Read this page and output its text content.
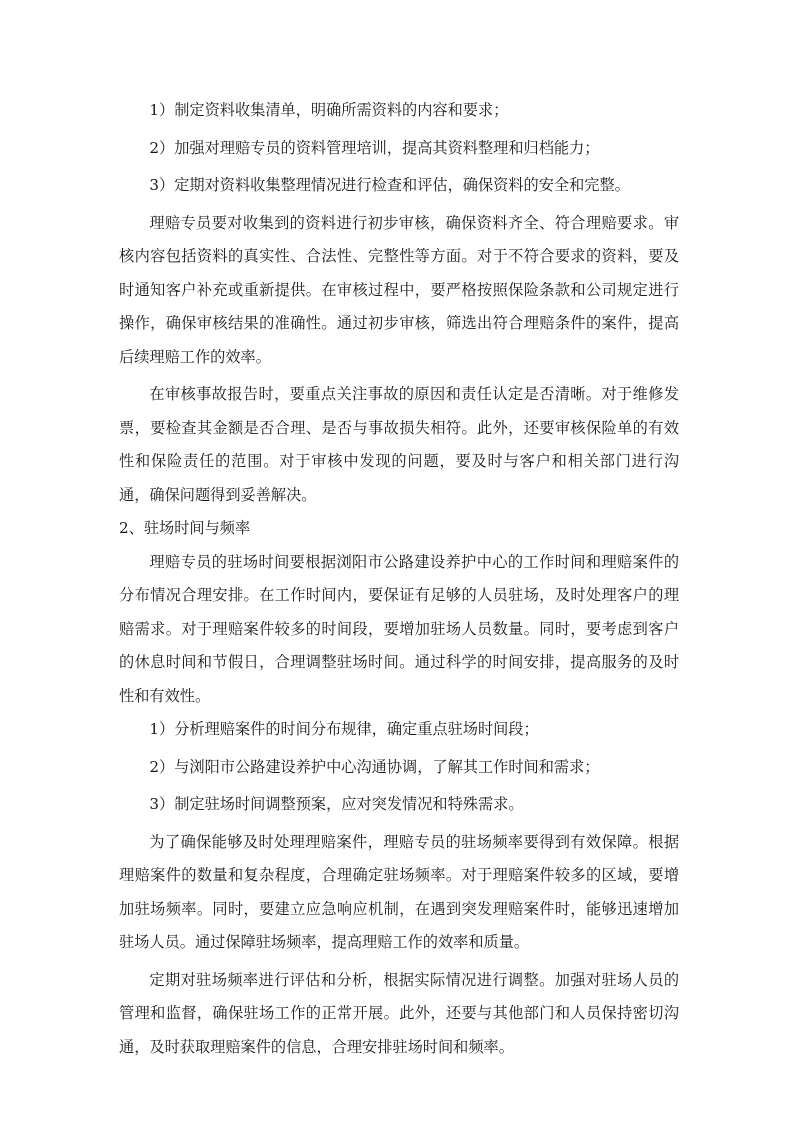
1）制定资料收集清单，明确所需资料的内容和要求；

2）加强对理赔专员的资料管理培训，提高其资料整理和归档能力；

3）定期对资料收集整理情况进行检查和评估，确保资料的安全和完整。

理赔专员要对收集到的资料进行初步审核，确保资料齐全、符合理赔要求。审核内容包括资料的真实性、合法性、完整性等方面。对于不符合要求的资料，要及时通知客户补充或重新提供。在审核过程中，要严格按照保险条款和公司规定进行操作，确保审核结果的准确性。通过初步审核，筛选出符合理赔条件的案件，提高后续理赔工作的效率。

在审核事故报告时，要重点关注事故的原因和责任认定是否清晰。对于维修发票，要检查其金额是否合理、是否与事故损失相符。此外，还要审核保险单的有效性和保险责任的范围。对于审核中发现的问题，要及时与客户和相关部门进行沟通，确保问题得到妥善解决。

2、驻场时间与频率

理赔专员的驻场时间要根据浏阳市公路建设养护中心的工作时间和理赔案件的分布情况合理安排。在工作时间内，要保证有足够的人员驻场，及时处理客户的理赔需求。对于理赔案件较多的时间段，要增加驻场人员数量。同时，要考虑到客户的休息时间和节假日，合理调整驻场时间。通过科学的时间安排，提高服务的及时性和有效性。

1）分析理赔案件的时间分布规律，确定重点驻场时间段；

2）与浏阳市公路建设养护中心沟通协调，了解其工作时间和需求；

3）制定驻场时间调整预案，应对突发情况和特殊需求。

为了确保能够及时处理理赔案件，理赔专员的驻场频率要得到有效保障。根据理赔案件的数量和复杂程度，合理确定驻场频率。对于理赔案件较多的区域，要增加驻场频率。同时，要建立应急响应机制，在遇到突发理赔案件时，能够迅速增加驻场人员。通过保障驻场频率，提高理赔工作的效率和质量。

定期对驻场频率进行评估和分析，根据实际情况进行调整。加强对驻场人员的管理和监督，确保驻场工作的正常开展。此外，还要与其他部门和人员保持密切沟通，及时获取理赔案件的信息，合理安排驻场时间和频率。
